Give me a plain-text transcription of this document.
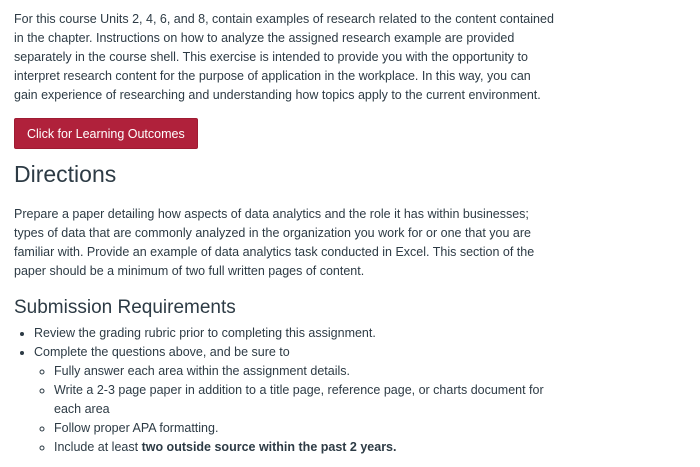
For this course Units 2, 4, 6, and 8, contain examples of research related to the content contained in the chapter. Instructions on how to analyze the assigned research example are provided separately in the course shell. This exercise is intended to provide you with the opportunity to interpret research content for the purpose of application in the workplace. In this way, you can gain experience of researching and understanding how topics apply to the current environment.

Click for Learning Outcomes
Directions

Prepare a paper detailing how aspects of data analytics and the role it has within businesses; types of data that are commonly analyzed in the organization you work for or one that you are familiar with. Provide an example of data analytics task conducted in Excel. This section of the paper should be a minimum of two full written pages of content.

Submission Requirements
• Review the grading rubric prior to completing this assignment.
• Complete the questions above, and be sure to
◦ Fully answer each area within the assignment details.
◦ Write a 2-3 page paper in addition to a title page, reference page, or charts document for each area
◦ Follow proper APA formatting.
◦ Include at least two outside source within the past 2 years.
